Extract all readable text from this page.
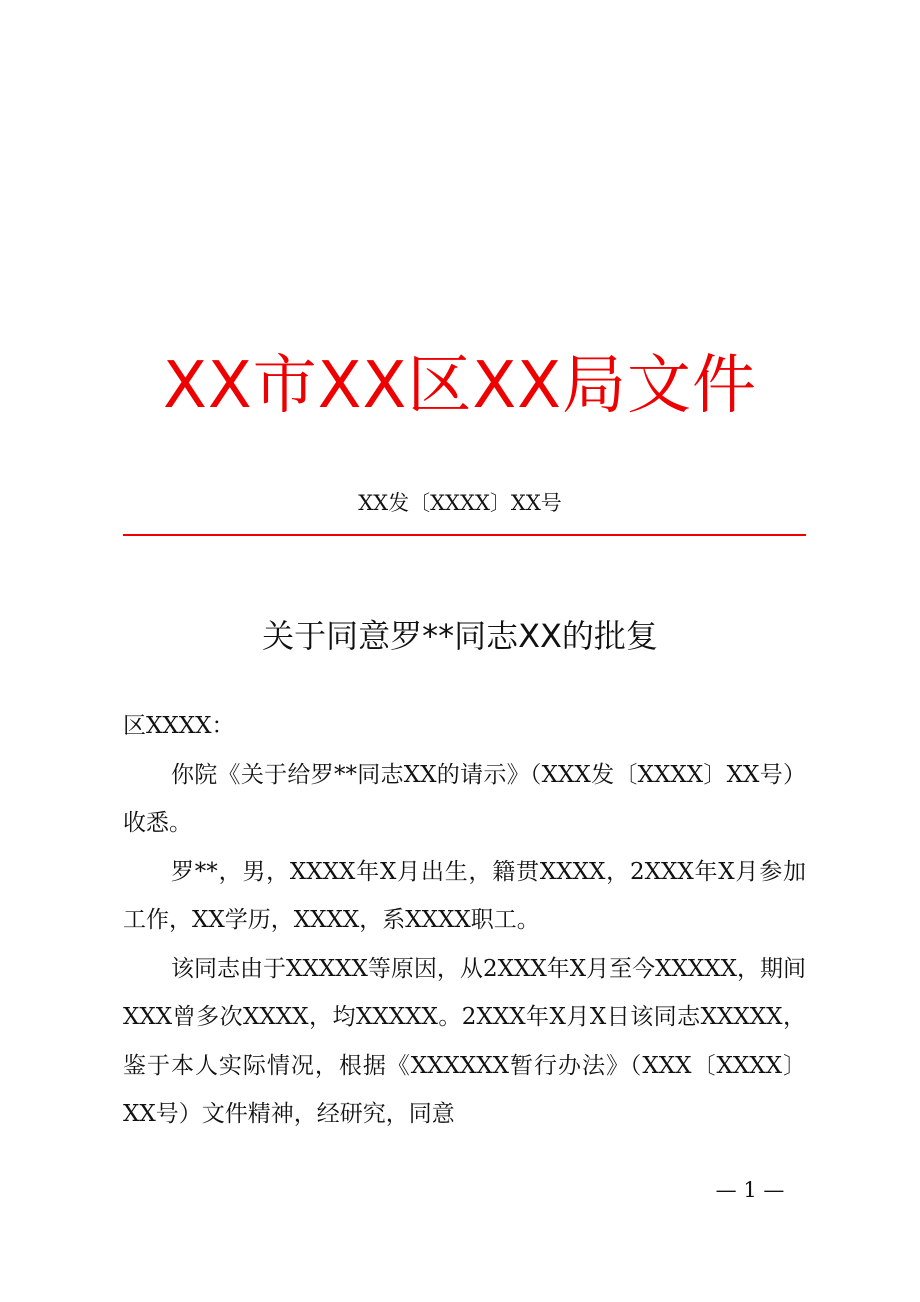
XX市XX区XX局文件
XX发〔XXXX〕XX号
关于同意罗**同志XX的批复

区XXXX：

你院《关于给罗**同志XX的请示》（XXX发〔XXXX〕XX号）收悉。

罗**，男，XXXX年X月出生，籍贯XXXX，2XXX年X月参加工作，XX学历，XXXX，系XXXX职工。

该同志由于XXXXX等原因，从2XXX年X月至今XXXXX，期间XXX曾多次XXXX，均XXXXX。2XXX年X月X日该同志XXXXX，鉴于本人实际情况，根据《XXXXXX暂行办法》（XXX〔XXXX〕XX号）文件精神，经研究，同意

— 1 —
